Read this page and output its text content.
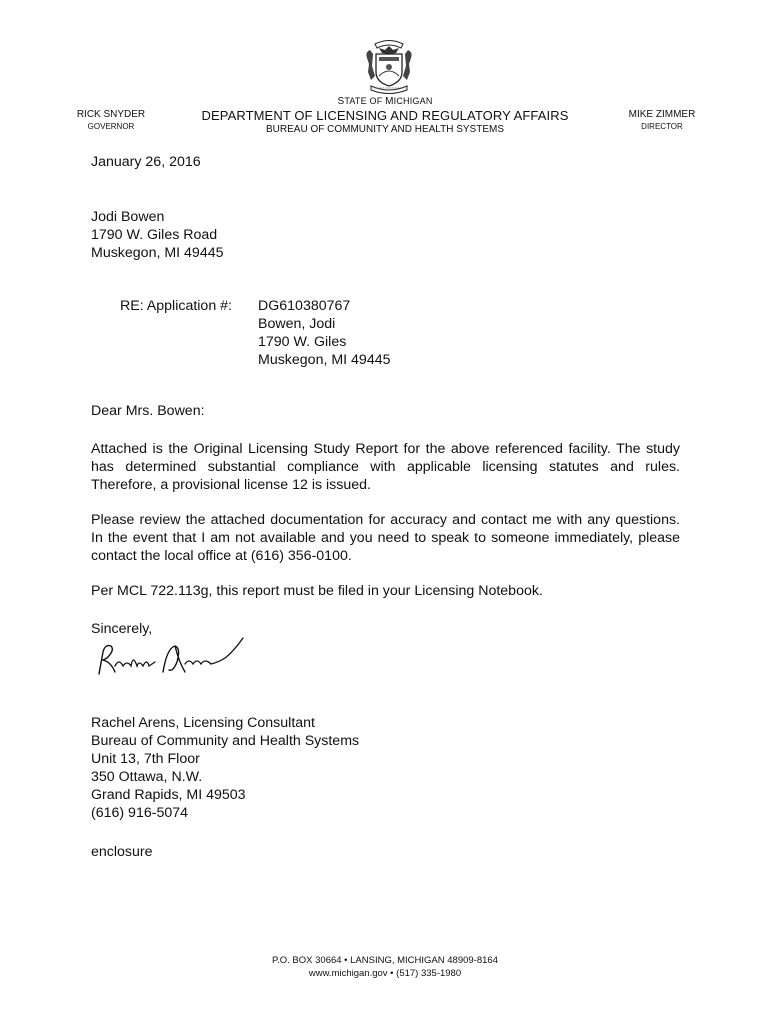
STATE OF MICHIGAN
DEPARTMENT OF LICENSING AND REGULATORY AFFAIRS
BUREAU OF COMMUNITY AND HEALTH SYSTEMS
RICK SNYDER
GOVERNOR
MIKE ZIMMER
DIRECTOR
January 26, 2016
Jodi Bowen
1790 W. Giles Road
Muskegon, MI 49445
RE: Application #: DG610380767
Bowen, Jodi
1790 W. Giles
Muskegon, MI 49445
Dear Mrs. Bowen:
Attached is the Original Licensing Study Report for the above referenced facility. The study has determined substantial compliance with applicable licensing statutes and rules. Therefore, a provisional license 12 is issued.
Please review the attached documentation for accuracy and contact me with any questions. In the event that I am not available and you need to speak to someone immediately, please contact the local office at (616) 356-0100.
Per MCL 722.113g, this report must be filed in your Licensing Notebook.
Sincerely,
Rachel Arens, Licensing Consultant
Bureau of Community and Health Systems
Unit 13, 7th Floor
350 Ottawa, N.W.
Grand Rapids, MI 49503
(616) 916-5074
enclosure
P.O. BOX 30664 • LANSING, MICHIGAN 48909-8164
www.michigan.gov • (517) 335-1980
